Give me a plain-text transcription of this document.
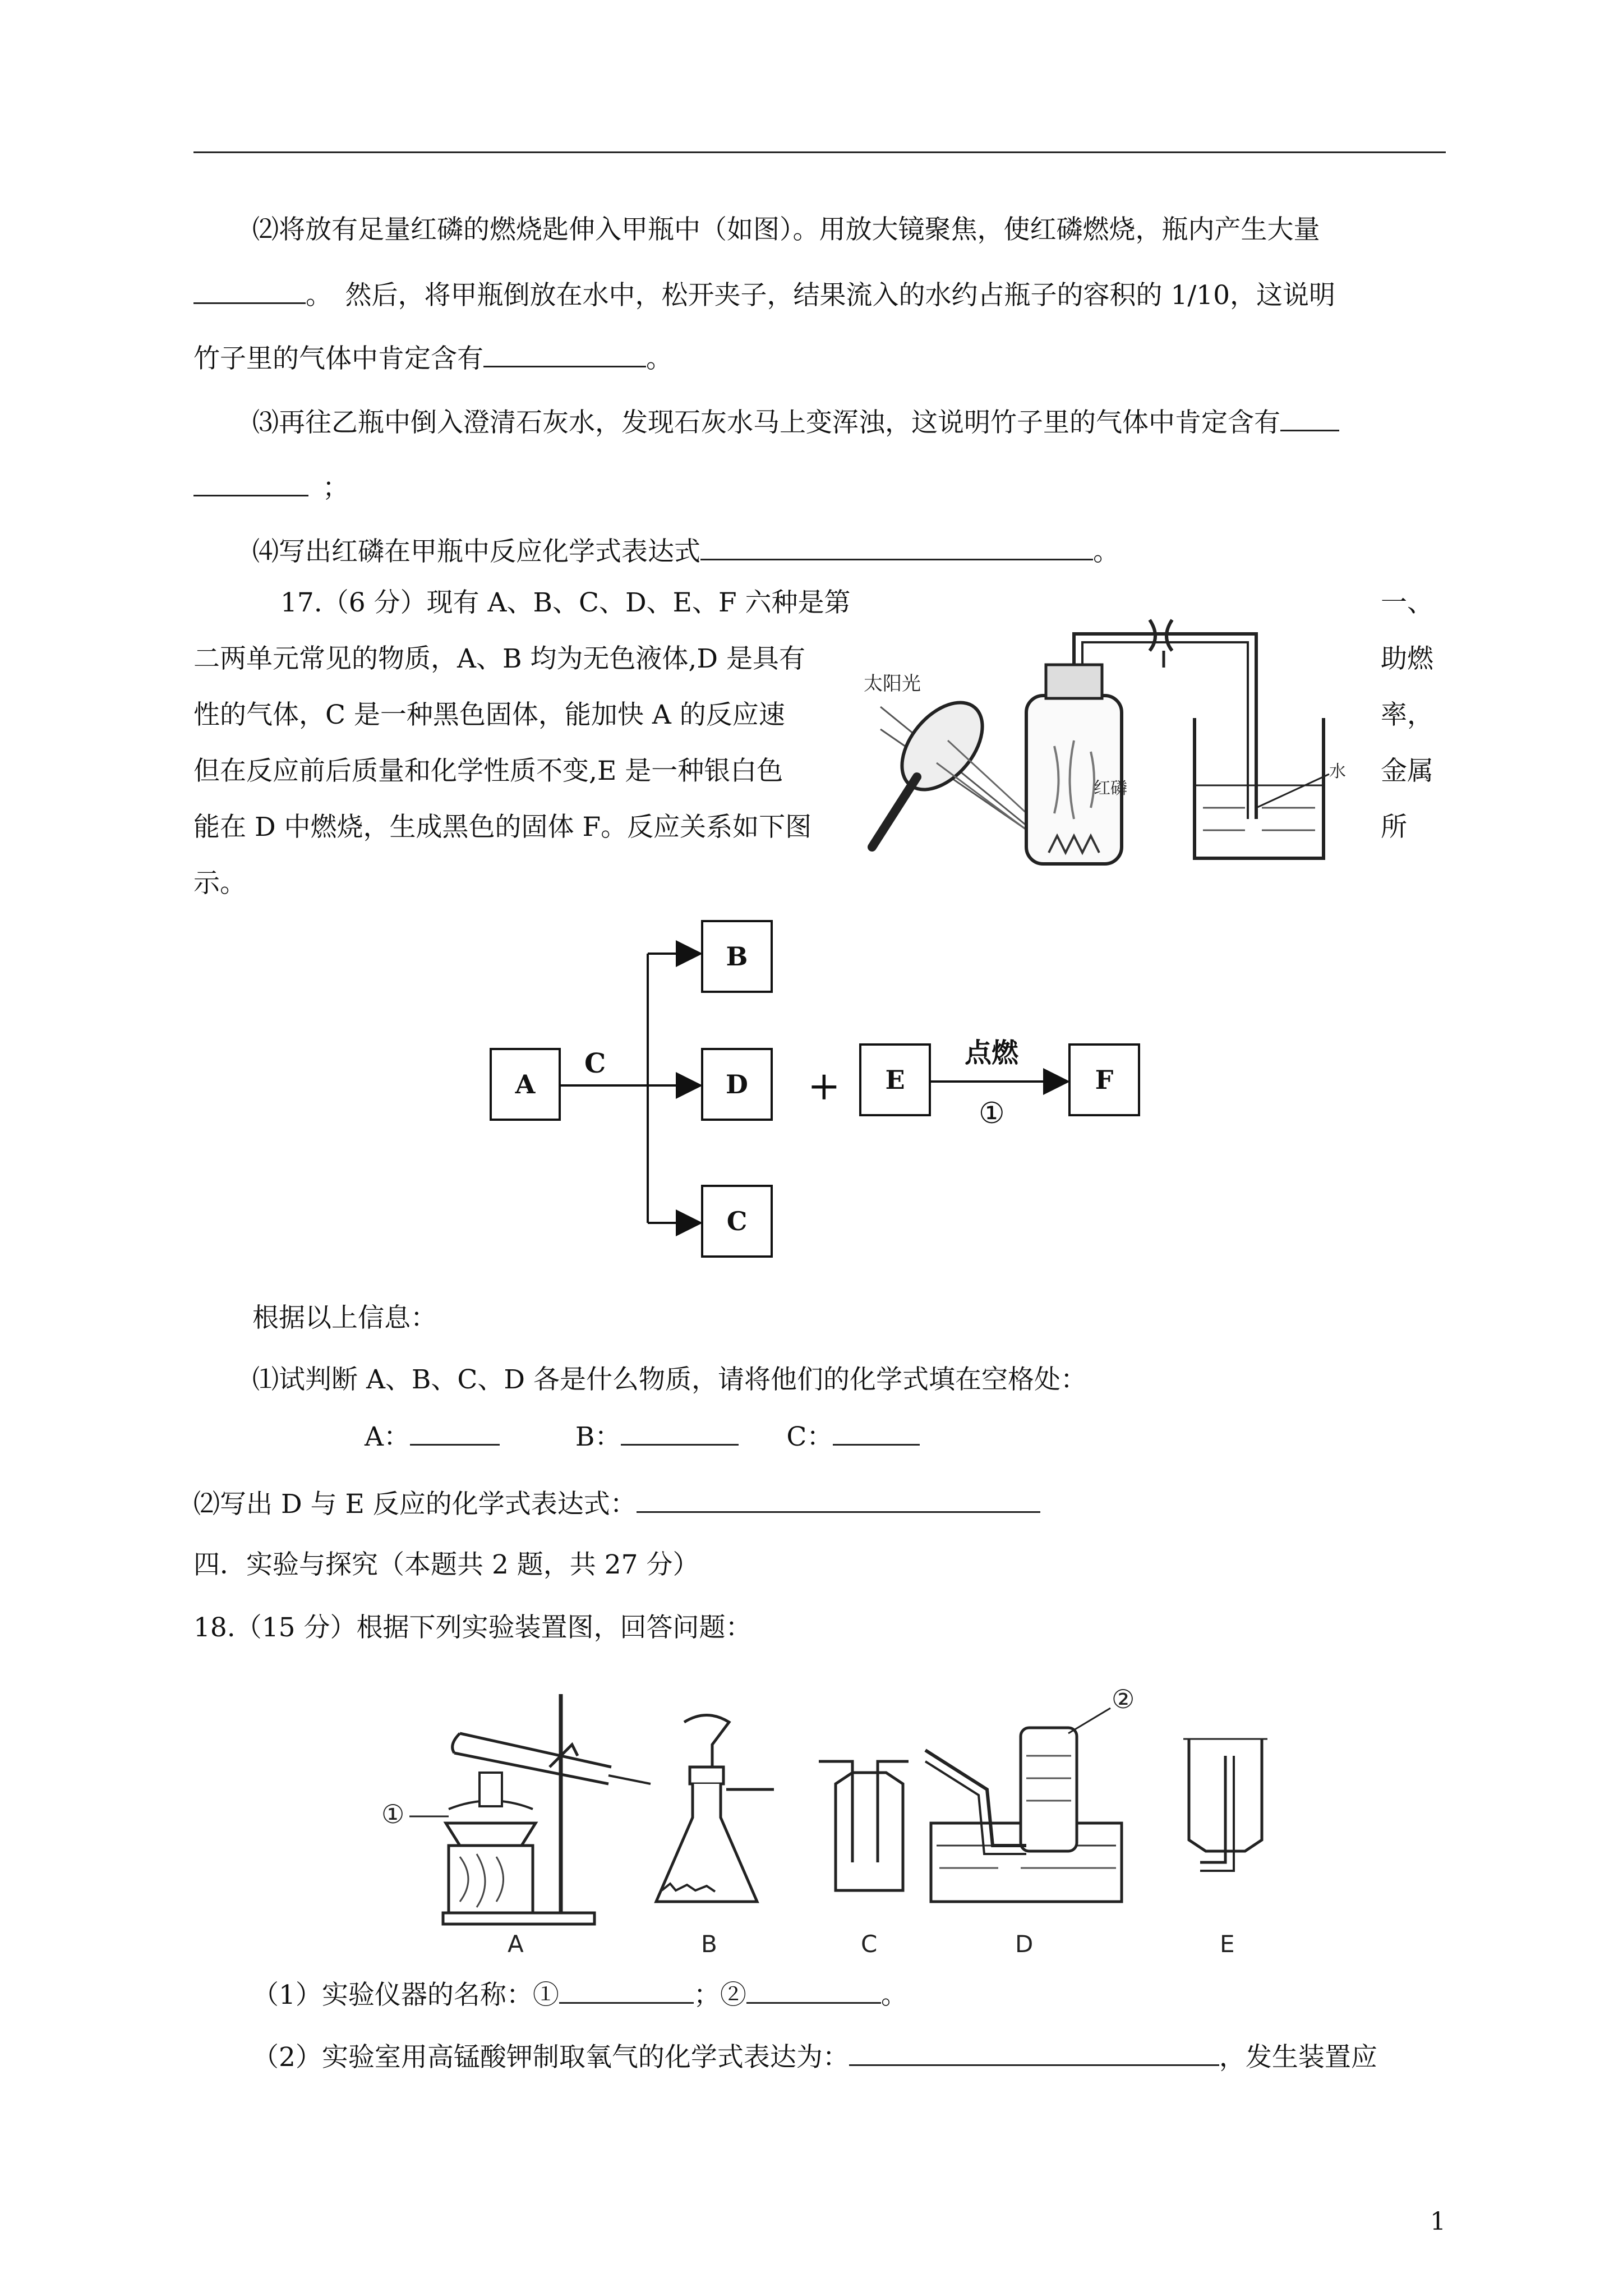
⑵将放有足量红磷的燃烧匙伸入甲瓶中（如图）。用放大镜聚焦，使红磷燃烧，瓶内产生大量
。　然后，将甲瓶倒放在水中，松开夹子，结果流入的水约占瓶子的容积的 1/10，这说明
竹子里的气体中肯定含有	。
⑶再往乙瓶中倒入澄清石灰水，发现石灰水马上变浑浊，这说明竹子里的气体中肯定含有
；
⑷写出红磷在甲瓶中反应化学式表达式	。
17.（6 分）现有 A、B、C、D、E、F 六种是第	一、
二两单元常见的物质，A、B 均为无色液体,D 是具有	助燃
性的气体，C 是一种黑色固体，能加快 A 的反应速	率，
但在反应前后质量和化学性质不变,E 是一种银白色	金属
能在 D 中燃烧，生成黑色的固体 F。反应关系如下图	所
示。
太阳光
红磷
水
A
C
B
D
C
+ E
点燃
①
F
根据以上信息：
⑴试判断 A、B、C、D 各是什么物质，请将他们的化学式填在空格处：
A：	B：	C：
⑵写出 D 与 E 反应的化学式表达式：
四．实验与探究（本题共 2 题，共 27 分）
18.（15 分）根据下列实验装置图，回答问题：
①
A	B	C
②
D	E
（1）实验仪器的名称：①	；②	。
（2）实验室用高锰酸钾制取氧气的化学式表达为：	，发生装置应
1
